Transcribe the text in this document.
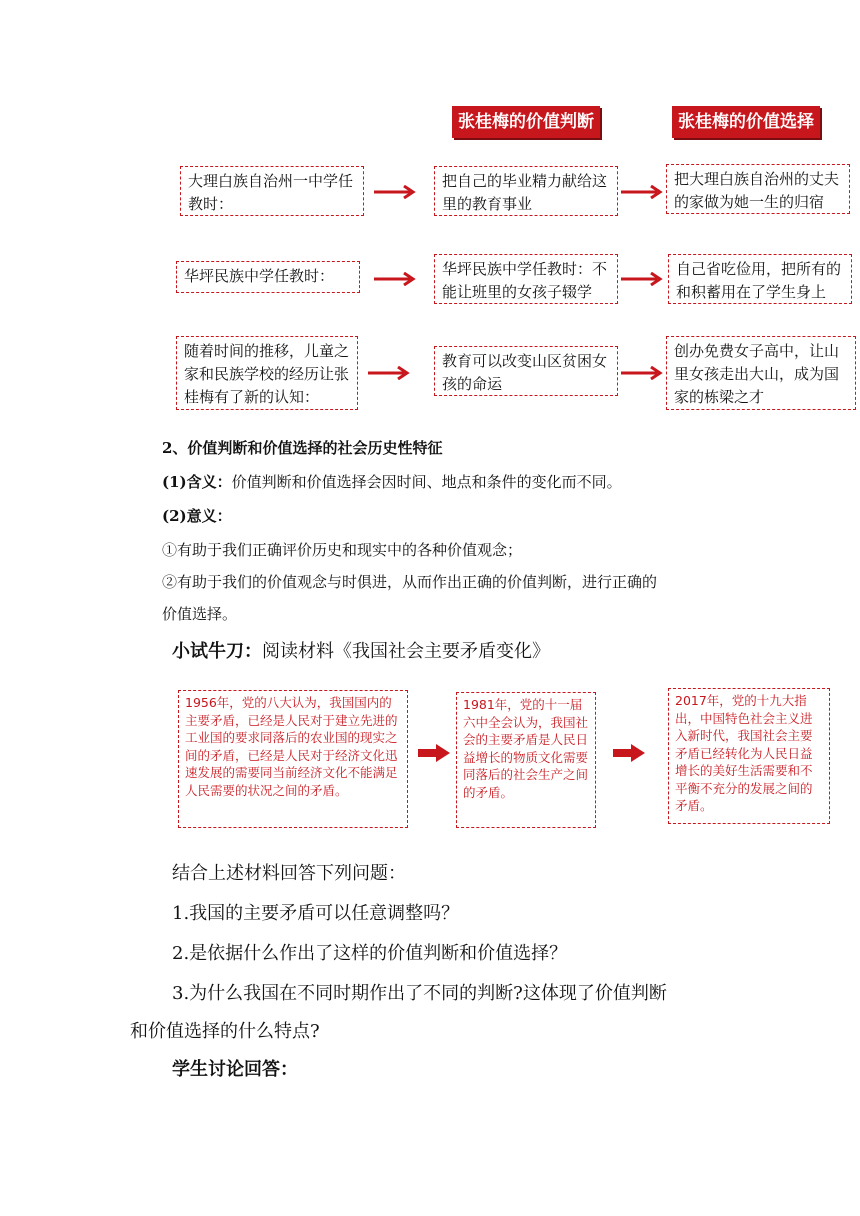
张桂梅的价值判断	张桂梅的价值选择
大理白族自治州一中学任教时：
把自己的毕业精力献给这里的教育事业
把大理白族自治州的丈夫的家做为她一生的归宿
华坪民族中学任教时：	华坪民族中学任教时：不能让班里的女孩子辍学
自己省吃俭用，把所有的和积蓄用在了学生身上
随着时间的推移，儿童之家和民族学校的经历让张桂梅有了新的认知：
教育可以改变山区贫困女孩的命运
创办免费女子高中，让山里女孩走出大山，成为国家的栋梁之才
2、价值判断和价值选择的社会历史性特征
(1)含义：价值判断和价值选择会因时间、地点和条件的变化而不同。
(2)意义：
①有助于我们正确评价历史和现实中的各种价值观念；
②有助于我们的价值观念与时俱进，从而作出正确的价值判断，进行正确的
价值选择。
小试牛刀：阅读材料《我国社会主要矛盾变化》
1956年，党的八大认为，我国国内的主要矛盾，已经是人民对于建立先进的工业国的要求同落后的农业国的现实之间的矛盾，已经是人民对于经济文化迅速发展的需要同当前经济文化不能满足人民需要的状况之间的矛盾。
1981年，党的十一届六中全会认为，我国社会的主要矛盾是人民日益增长的物质文化需要同落后的社会生产之间的矛盾。
2017年，党的十九大指出，中国特色社会主义进入新时代，我国社会主要矛盾已经转化为人民日益增长的美好生活需要和不平衡不充分的发展之间的矛盾。
结合上述材料回答下列问题：
1.我国的主要矛盾可以任意调整吗？
2.是依据什么作出了这样的价值判断和价值选择？
3.为什么我国在不同时期作出了不同的判断?这体现了价值判断
和价值选择的什么特点?
学生讨论回答：
